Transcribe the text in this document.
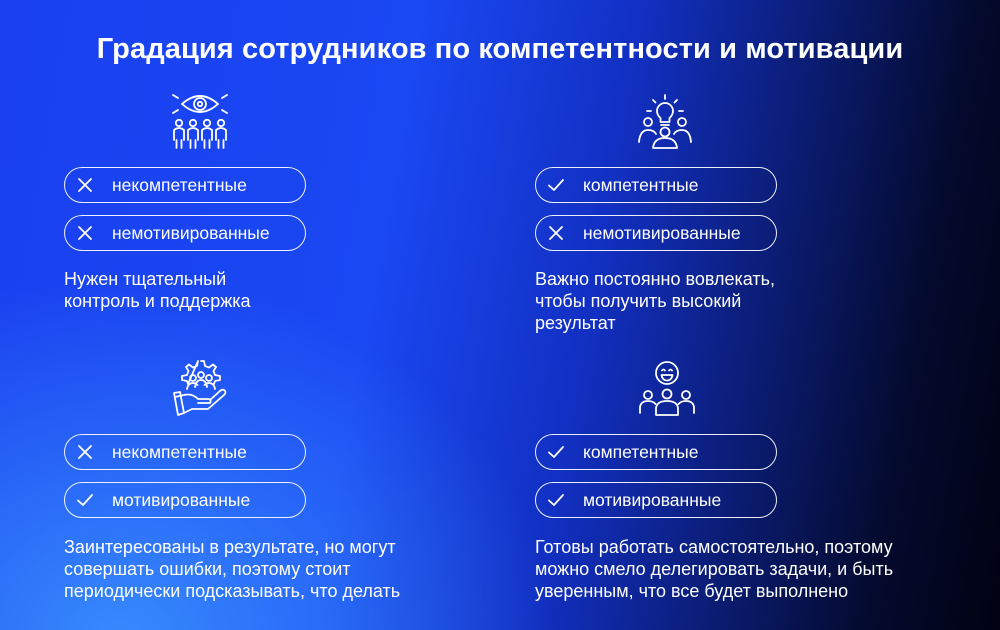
Градация сотрудников по компетентности и мотивации
некомпетентные
немотивированные
Нужен тщательный
контроль и поддержка
компетентные
немотивированные
Важно постоянно вовлекать,
чтобы получить высокий
результат
некомпетентные
мотивированные
Заинтересованы в результате, но могут
совершать ошибки, поэтому стоит
периодически подсказывать, что делать
компетентные
мотивированные
Готовы работать самостоятельно, поэтому
можно смело делегировать задачи, и быть
уверенным, что все будет выполнено
